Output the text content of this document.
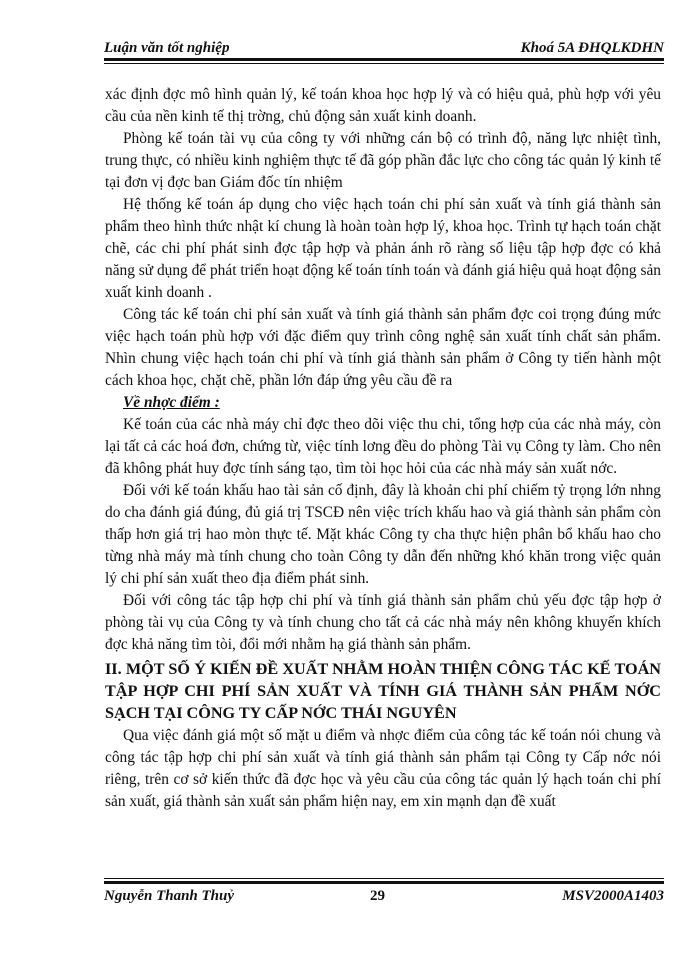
Luận văn tốt nghiệp	Khoá 5A ĐHQLKDHN

xác định đợc mô hình quản lý, kế toán khoa học hợp lý và có hiệu quả, phù hợp với yêu cầu của nền kinh tế thị trờng, chủ động sản xuất kinh doanh.

Phòng kế toán tài vụ của công ty với những cán bộ có trình độ, năng lực nhiệt tình, trung thực, có nhiều kinh nghiệm thực tế đã góp phần đắc lực cho công tác quản lý kinh tế tại đơn vị đợc ban Giám đốc tín nhiệm

Hệ thống kế toán áp dụng cho việc hạch toán chi phí sản xuất và tính giá thành sản phẩm theo hình thức nhật kí chung là hoàn toàn hợp lý, khoa học. Trình tự hạch toán chặt chẽ, các chi phí phát sinh đợc tập hợp và phản ánh rõ ràng số liệu tập hợp đợc có khả năng sử dụng để phát triển hoạt động kế toán tính toán và đánh giá hiệu quả hoạt động sản xuất kinh doanh .

Công tác kế toán chi phí sản xuất và tính giá thành sản phẩm đợc coi trọng đúng mức việc hạch toán phù hợp với đặc điểm quy trình công nghệ sản xuất tính chất sản phẩm. Nhìn chung việc hạch toán chi phí và tính giá thành sản phẩm ở Công ty tiến hành một cách khoa học, chặt chẽ, phần lớn đáp ứng yêu cầu đề ra

Về nhợc điểm :

Kế toán của các nhà máy chỉ đợc theo dõi việc thu chi, tổng hợp của các nhà máy, còn lại tất cả các hoá đơn, chứng từ, việc tính lơng đều do phòng Tài vụ Công ty làm. Cho nên đã không phát huy đợc tính sáng tạo, tìm tòi học hỏi của các nhà máy sản xuất nớc.

Đối với kế toán khấu hao tài sản cố định, đây là khoản chi phí chiếm tỷ trọng lớn nhng do cha đánh giá đúng, đủ giá trị TSCĐ nên việc trích khấu hao và giá thành sản phẩm còn thấp hơn giá trị hao mòn thực tế. Mặt khác Công ty cha thực hiện phân bổ khấu hao cho từng nhà máy mà tính chung cho toàn Công ty dẫn đến những khó khăn trong việc quản lý chi phí sản xuất theo địa điểm phát sinh.

Đối với công tác tập hợp chi phí và tính giá thành sản phẩm chủ yếu đợc tập hợp ở phòng tài vụ của Công ty và tính chung cho tất cả các nhà máy nên không khuyến khích đợc khả năng tìm tòi, đổi mới nhằm hạ giá thành sản phẩm.

II. MỘT SỐ Ý KIẾN ĐỀ XUẤT NHẰM HOÀN THIỆN CÔNG TÁC KẾ TOÁN TẬP HỢP CHI PHÍ SẢN XUẤT VÀ TÍNH GIÁ THÀNH SẢN PHẨM NỚC SẠCH TẠI CÔNG TY CẤP NỚC THÁI NGUYÊN

Qua việc đánh giá một số mặt u điểm và nhợc điểm của công tác kế toán nói chung và công tác tập hợp chi phí sản xuất và tính giá thành sản phẩm tại Công ty Cấp nớc nói riêng, trên cơ sở kiến thức đã đợc học và yêu cầu của công tác quản lý hạch toán chi phí sản xuất, giá thành sản xuất sản phẩm hiện nay, em xin mạnh dạn đề xuất

Nguyễn Thanh Thuỷ	29	MSV2000A1403
